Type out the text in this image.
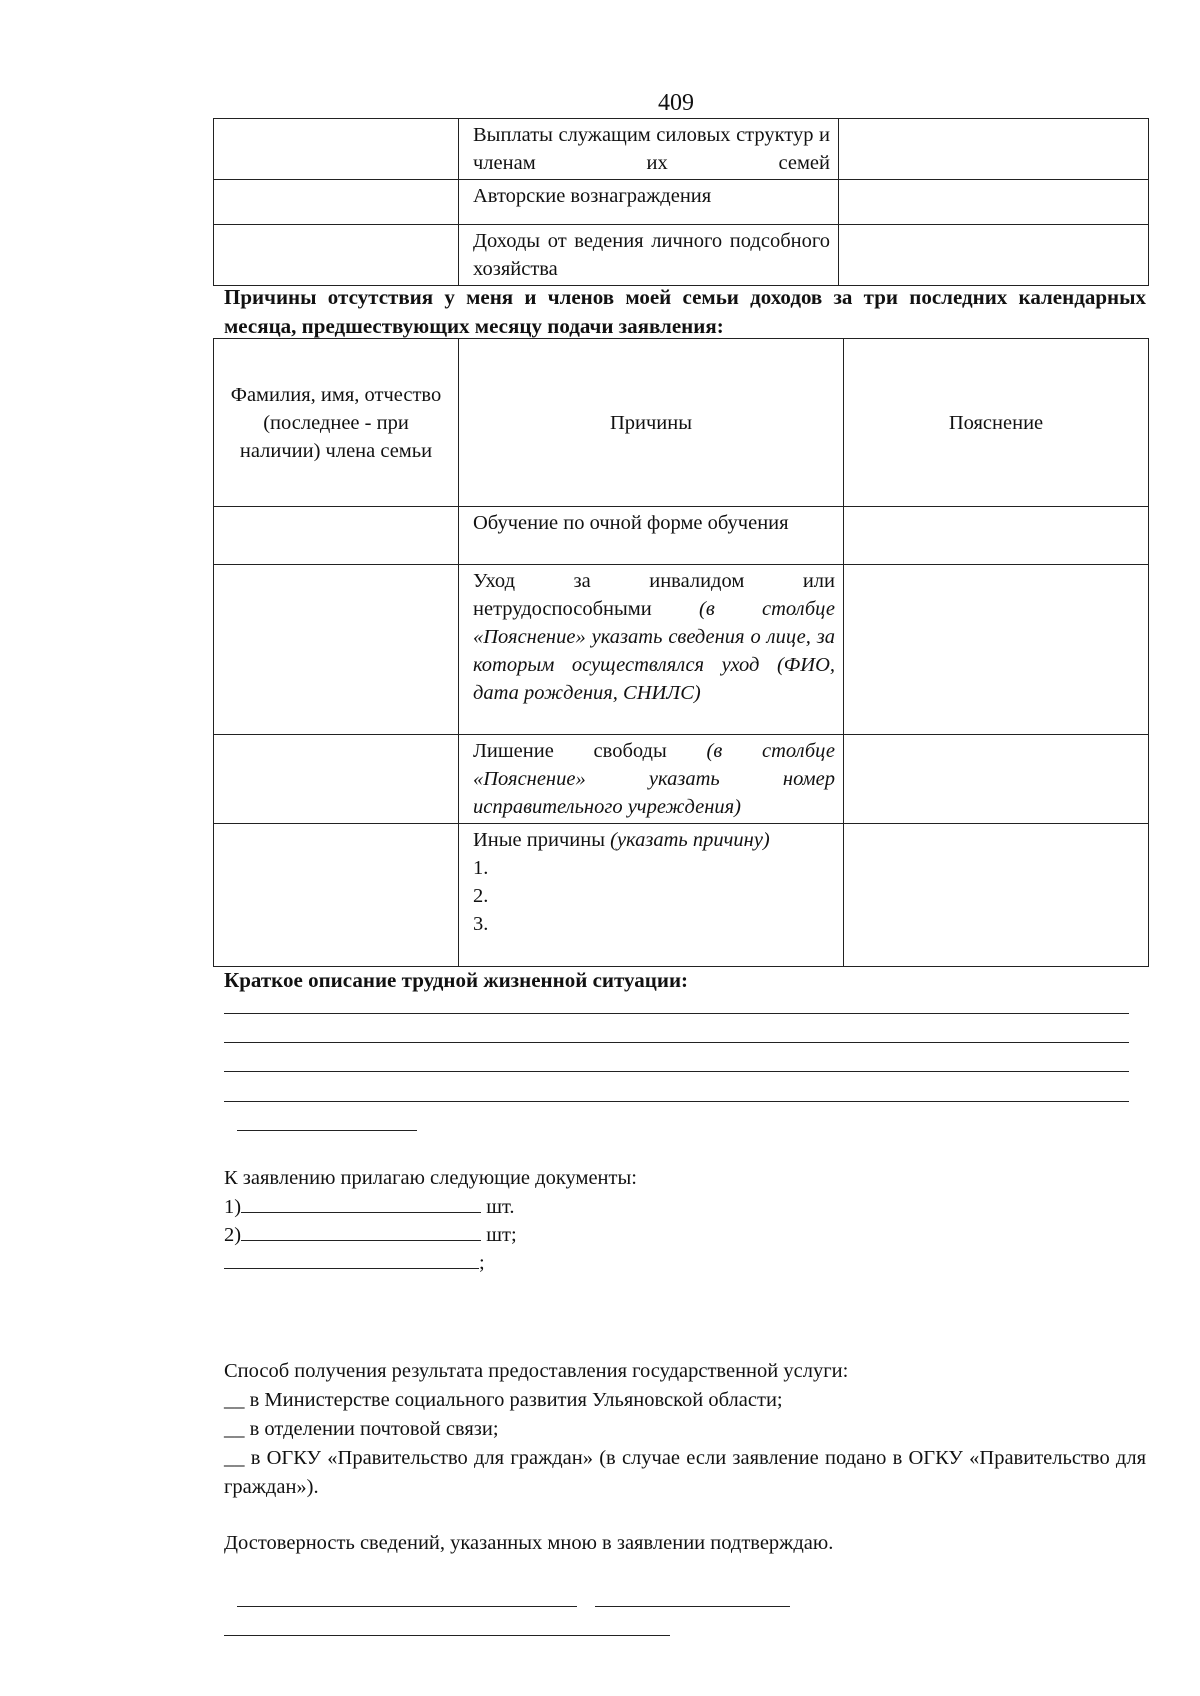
409
	Выплаты служащим силовых структур и членам их семей	
	Авторские вознаграждения	
	Доходы от ведения личного подсобного хозяйства	
Причины отсутствия у меня и членов моей семьи доходов за три последних календарных месяца, предшествующих месяцу подачи заявления:
Фамилия, имя, отчество (последнее - при наличии) члена семьи	Причины	Пояснение
	Обучение по очной форме обучения	
	Уход за инвалидом или нетрудоспособными (в столбце «Пояснение» указать сведения о лице, за которым осуществлялся уход (ФИО, дата рождения, СНИЛС)	
	Лишение свободы (в столбце «Пояснение» указать номер исправительного учреждения)	
	Иные причины (указать причину)
1.
2.
3.	

Краткое описание трудной жизненной ситуации:
К заявлению прилагаю следующие документы:
1)	шт.
2)	шт;
;
Способ получения результата предоставления государственной услуги:
__ в Министерстве социального развития Ульяновской области;
__ в отделении почтовой связи;
__ в ОГКУ «Правительство для граждан» (в случае если заявление подано в ОГКУ «Правительство для граждан»).
Достоверность сведений, указанных мною в заявлении подтверждаю.
